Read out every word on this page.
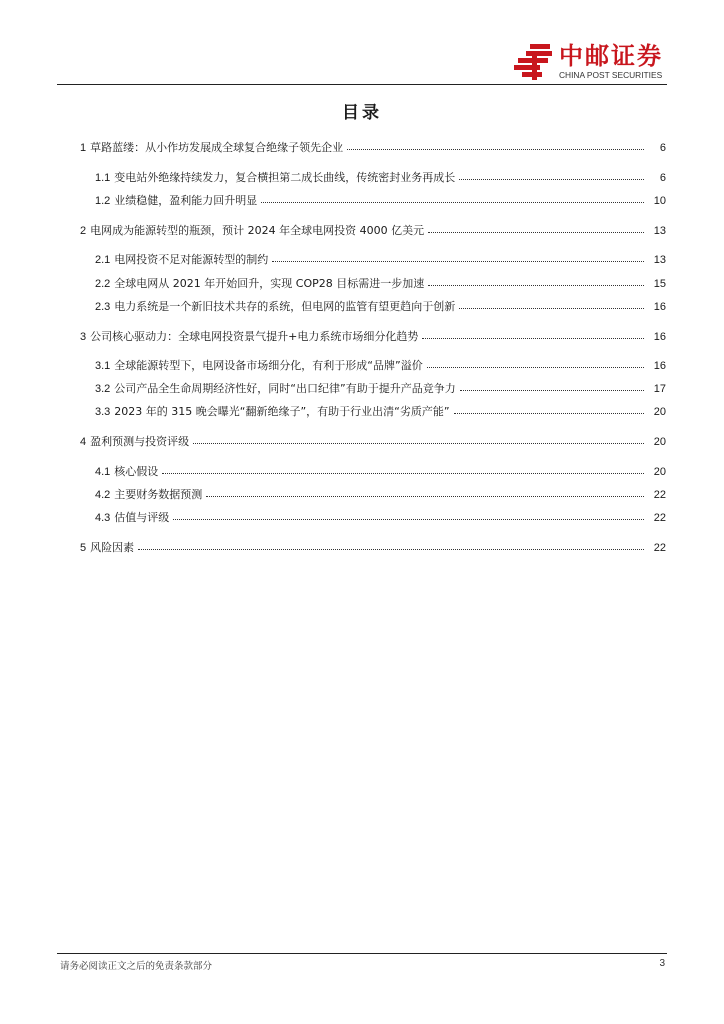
中邮证券
CHINA POST SECURITIES
目录
1 草路蓝缕：从小作坊发展成全球复合绝缘子领先企业	6
1.1 变电站外绝缘持续发力，复合横担第二成长曲线，传统密封业务再成长	6
1.2 业绩稳健，盈利能力回升明显	10
2 电网成为能源转型的瓶颈，预计 2024 年全球电网投资 4000 亿美元	13
2.1 电网投资不足对能源转型的制约	13
2.2 全球电网从 2021 年开始回升，实现 COP28 目标需进一步加速	15
2.3 电力系统是一个新旧技术共存的系统，但电网的监管有望更趋向于创新	16
3 公司核心驱动力：全球电网投资景气提升+电力系统市场细分化趋势	16
3.1 全球能源转型下，电网设备市场细分化，有利于形成“品牌”溢价	16
3.2 公司产品全生命周期经济性好，同时“出口纪律”有助于提升产品竞争力	17
3.3 2023 年的 315 晚会曝光“翻新绝缘子”，有助于行业出清“劣质产能”	20
4 盈利预测与投资评级	20
4.1 核心假设	20
4.2 主要财务数据预测	22
4.3 估值与评级	22
5 风险因素	22
请务必阅读正文之后的免责条款部分	3
